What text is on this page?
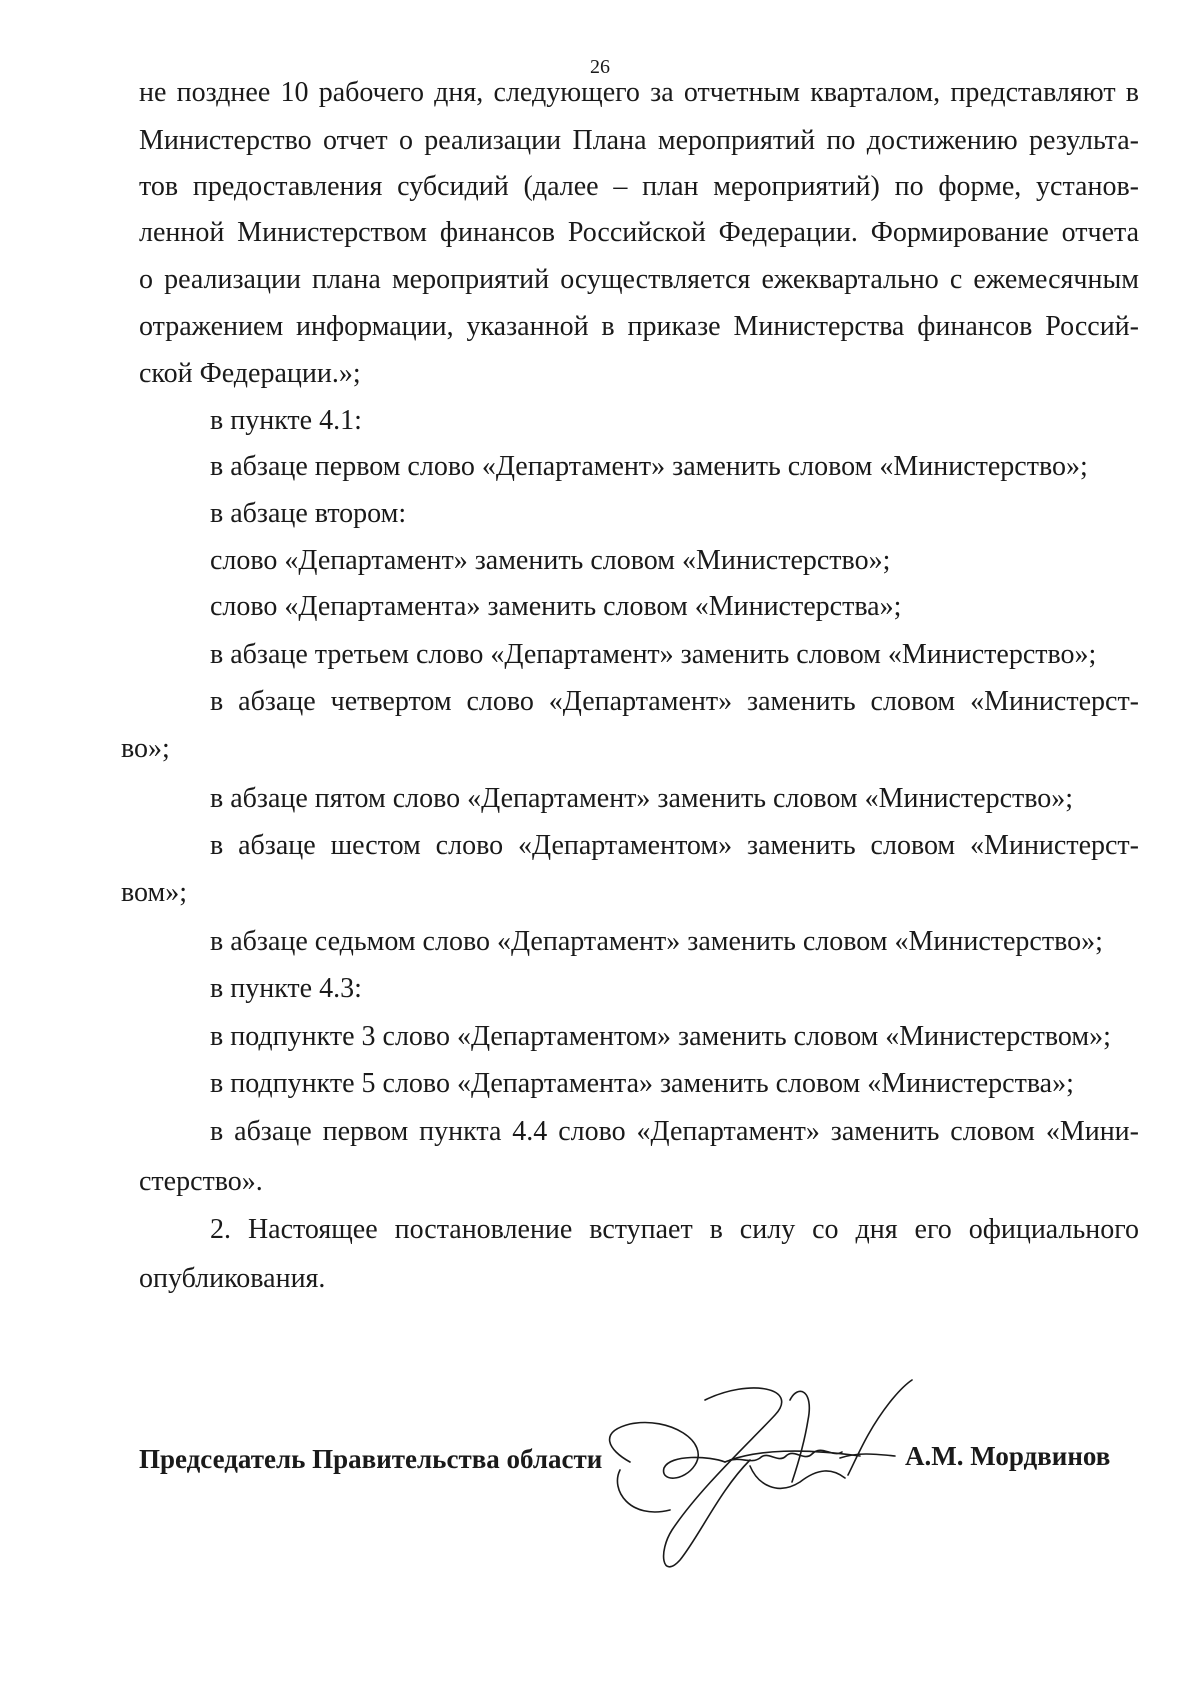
26
не позднее 10 рабочего дня, следующего за отчетным кварталом, представляют в
Министерство отчет о реализации Плана мероприятий по достижению результа-
тов предоставления субсидий (далее – план мероприятий) по форме, установ-
ленной Министерством финансов Российской Федерации. Формирование отчета
о реализации плана мероприятий осуществляется ежеквартально с ежемесячным
отражением информации, указанной в приказе Министерства финансов Россий-
ской Федерации.»;
в пункте 4.1:
в абзаце первом слово «Департамент» заменить словом «Министерство»;
в абзаце втором:
слово «Департамент» заменить словом «Министерство»;
слово «Департамента» заменить словом «Министерства»;
в абзаце третьем слово «Департамент» заменить словом «Министерство»;
в абзаце четвертом слово «Департамент» заменить словом «Министерст-
во»;
в абзаце пятом слово «Департамент» заменить словом «Министерство»;
в абзаце шестом слово «Департаментом» заменить словом «Министерст-
вом»;
в абзаце седьмом слово «Департамент» заменить словом «Министерство»;
в пункте 4.3:
в подпункте 3 слово «Департаментом» заменить словом «Министерством»;
в подпункте 5 слово «Департамента» заменить словом «Министерства»;
в абзаце первом пункта 4.4 слово «Департамент» заменить словом «Мини-
стерство».
2. Настоящее постановление вступает в силу со дня его официального
опубликования.
Председатель Правительства области	А.М. Мордвинов
